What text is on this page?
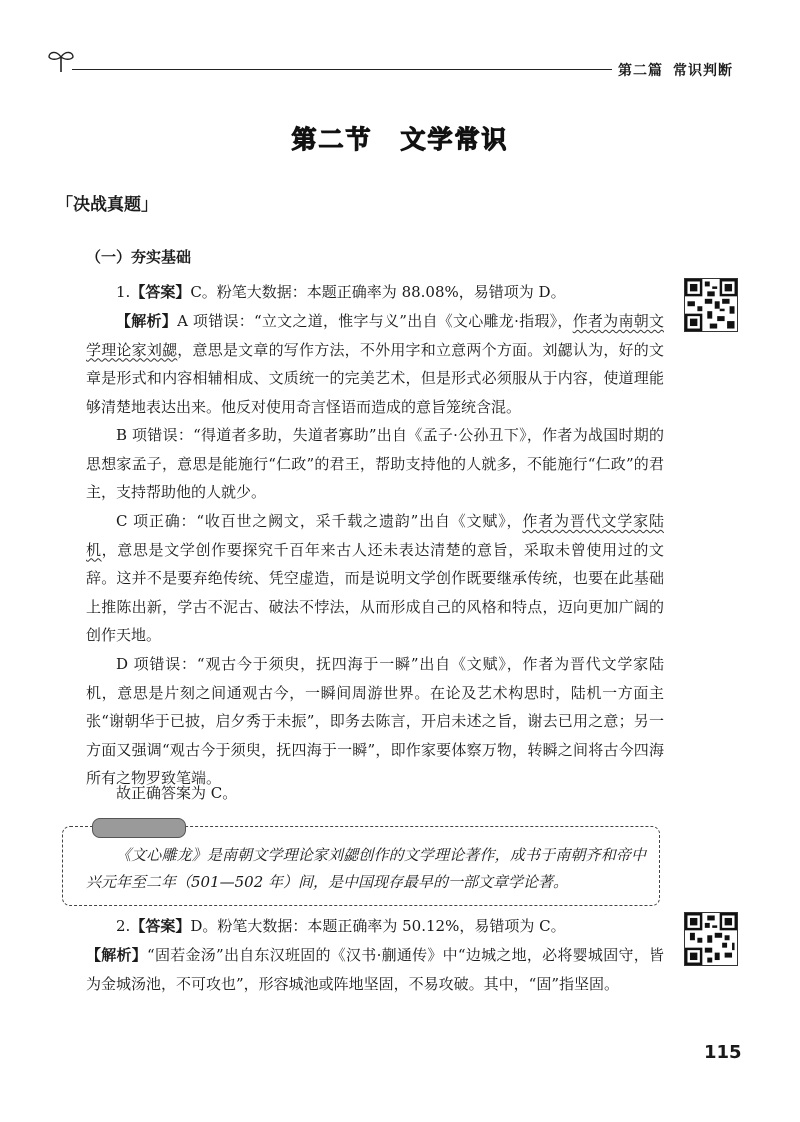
第二篇 常识判断
第二节 文学常识
「决战真题」
（一）夯实基础
1.【答案】C。粉笔大数据：本题正确率为 88.08%，易错项为 D。
【解析】A 项错误：“立文之道，惟字与义”出自《文心雕龙·指瑕》，作者为南朝文学理论家刘勰，意思是文章的写作方法，不外用字和立意两个方面。刘勰认为，好的文章是形式和内容相辅相成、文质统一的完美艺术，但是形式必须服从于内容，使道理能够清楚地表达出来。他反对使用奇言怪语而造成的意旨笼统含混。
B 项错误：“得道者多助，失道者寡助”出自《孟子·公孙丑下》，作者为战国时期的思想家孟子，意思是能施行“仁政”的君王，帮助支持他的人就多，不能施行“仁政”的君主，支持帮助他的人就少。
C 项正确：“收百世之阙文，采千载之遗韵”出自《文赋》，作者为晋代文学家陆机，意思是文学创作要探究千百年来古人还未表达清楚的意旨，采取未曾使用过的文辞。这并不是要弃绝传统、凭空虚造，而是说明文学创作既要继承传统，也要在此基础上推陈出新，学古不泥古、破法不悖法，从而形成自己的风格和特点，迈向更加广阔的创作天地。
D 项错误：“观古今于须臾，抚四海于一瞬”出自《文赋》，作者为晋代文学家陆机，意思是片刻之间通观古今，一瞬间周游世界。在论及艺术构思时，陆机一方面主张“谢朝华于已披，启夕秀于未振”，即务去陈言，开启未述之旨，谢去已用之意；另一方面又强调“观古今于须臾，抚四海于一瞬”，即作家要体察万物，转瞬之间将古今四海所有之物罗致笔端。
故正确答案为 C。
《文心雕龙》是南朝文学理论家刘勰创作的文学理论著作，成书于南朝齐和帝中兴元年至二年（501—502 年）间，是中国现存最早的一部文章学论著。
2.【答案】D。粉笔大数据：本题正确率为 50.12%，易错项为 C。
【解析】“固若金汤”出自东汉班固的《汉书·蒯通传》中“边城之地，必将婴城固守，皆为金城汤池，不可攻也”，形容城池或阵地坚固，不易攻破。其中，“固”指坚固。
115
